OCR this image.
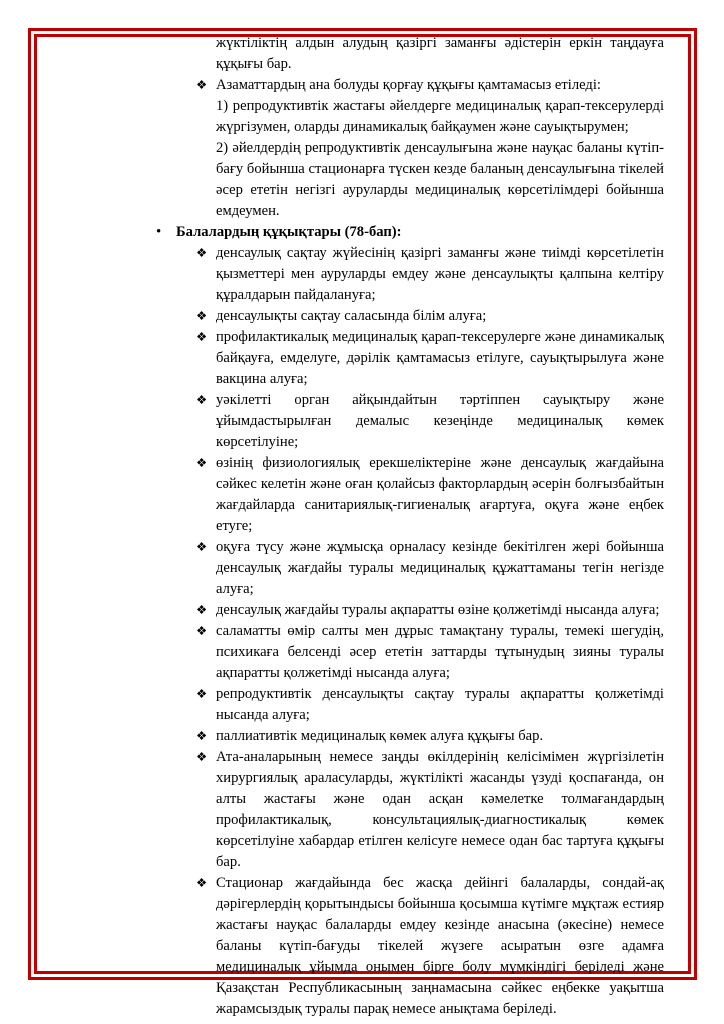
жүктіліктің алдын алудың қазіргі заманғы әдістерін еркін таңдауға құқығы бар.

❖ Азаматтардың ана болуды қорғау құқығы қамтамасыз етіледі:

1) репродуктивтік жастағы әйелдерге медициналық қарап-тексерулерді жүргізумен, оларды динамикалық байқаумен және сауықтырумен;

2) әйелдердің репродуктивтік денсаулығына және науқас баланы күтіп-бағу бойынша стационарға түскен кезде баланың денсаулығына тікелей әсер ететін негізгі ауруларды медициналық көрсетілімдері бойынша емдеумен.

•	Балалардың құқықтары (78-бап):
❖ денсаулық сақтау жүйесінің қазіргі заманғы және тиімді көрсетілетін қызметтері мен ауруларды емдеу және денсаулықты қалпына келтіру құралдарын пайдалануға;
❖ денсаулықты сақтау саласында білім алуға;
❖ профилактикалық медициналық қарап-тексерулерге және динамикалық байқауға, емделуге, дәрілік қамтамасыз етілуге, сауықтырылуға және вакцина алуға;
❖ уәкілетті орган айқындайтын тәртіппен сауықтыру және ұйымдастырылған демалыс кезеңінде медициналық көмек көрсетілуіне;
❖ өзінің физиологиялық ерекшеліктеріне және денсаулық жағдайына сәйкес келетін және оған қолайсыз факторлардың әсерін болғызбайтын жағдайларда санитариялық-гигиеналық ағартуға, оқуға және еңбек етуге;
❖ оқуға түсу және жұмысқа орналасу кезінде бекітілген жері бойынша денсаулық жағдайы туралы медициналық құжаттаманы тегін негізде алуға;
❖ денсаулық жағдайы туралы ақпаратты өзіне қолжетімді нысанда алуға;
❖ саламатты өмір салты мен дұрыс тамақтану туралы, темекі шегудің, психикаға белсенді әсер ететін заттарды тұтынудың зияны туралы ақпаратты қолжетімді нысанда алуға;
❖ репродуктивтік денсаулықты сақтау туралы ақпаратты қолжетімді нысанда алуға;
❖ паллиативтік медициналық көмек алуға құқығы бар.
❖ Ата-аналарының немесе заңды өкілдерінің келісімімен жүргізілетін хирургиялық араласуларды, жүктілікті жасанды үзуді қоспағанда, он алты жастағы және одан асқан кәмелетке толмағандардың профилактикалық, консультациялық-диагностикалық көмек көрсетілуіне хабардар етілген келісуге немесе одан бас тартуға құқығы бар.
❖ Стационар жағдайында бес жасқа дейінгі балаларды, сондай-ақ дәрігерлердің қорытындысы бойынша қосымша күтімге мұқтаж естияр жастағы науқас балаларды емдеу кезінде анасына (әкесіне) немесе баланы күтіп-бағуды тікелей жүзеге асыратын өзге адамға медициналық ұйымда онымен бірге болу мүмкіндігі беріледі және Қазақстан Республикасының заңнамасына сәйкес еңбекке уақытша жарамсыздық туралы парақ немесе анықтама беріледі.
